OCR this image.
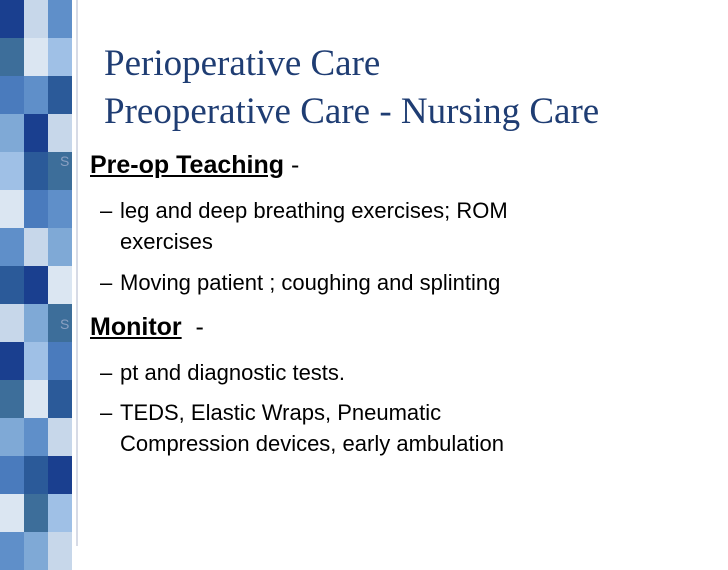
Perioperative Care
Preoperative Care - Nursing Care
S Pre-op Teaching -
– leg and deep breathing exercises; ROM
exercises
– Moving patient ; coughing and splinting
S Monitor  -
– pt and diagnostic tests.
– TEDS, Elastic Wraps, Pneumatic
Compression devices, early ambulation
